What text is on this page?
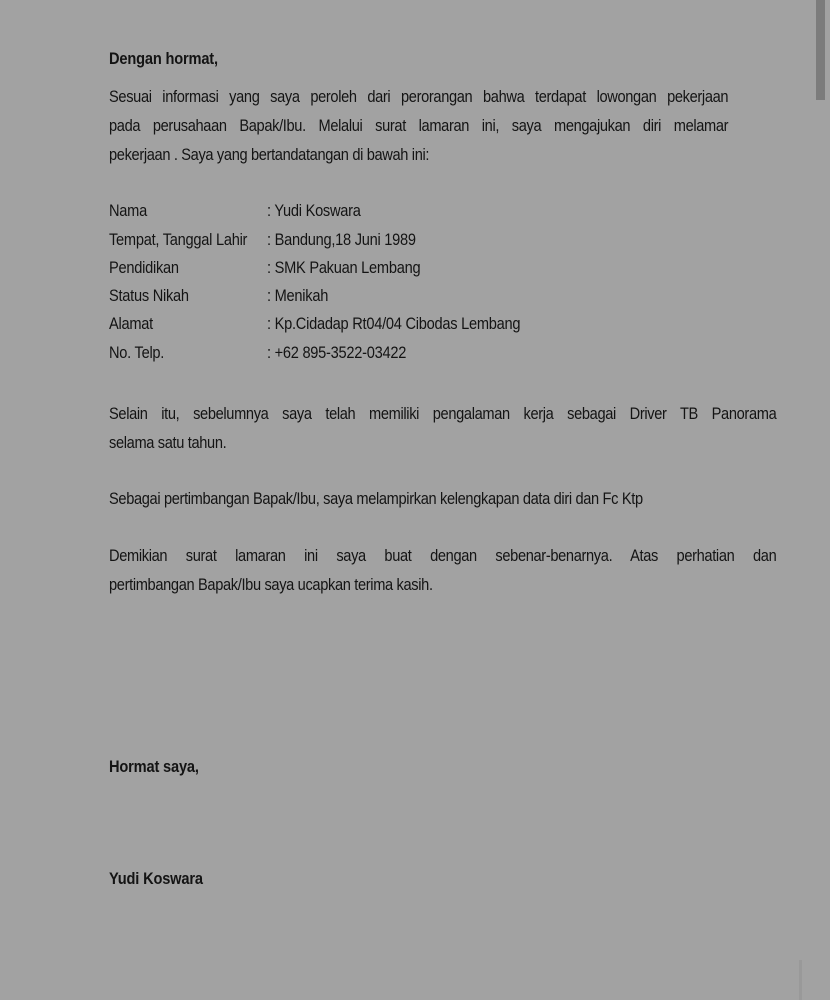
Dengan hormat,
Sesuai informasi yang saya peroleh dari perorangan bahwa terdapat lowongan pekerjaan
pada perusahaan Bapak/Ibu. Melalui surat lamaran ini, saya mengajukan diri melamar
pekerjaan . Saya yang bertandatangan di bawah ini:
Nama	: Yudi Koswara
Tempat, Tanggal Lahir : Bandung,18 Juni 1989
Pendidikan	: SMK Pakuan Lembang
Status Nikah	: Menikah
Alamat	: Kp.Cidadap Rt04/04 Cibodas Lembang
No. Telp.	: +62 895-3522-03422
Selain itu, sebelumnya saya telah memiliki pengalaman kerja sebagai Driver TB Panorama
selama satu tahun.
Sebagai pertimbangan Bapak/Ibu, saya melampirkan kelengkapan data diri dan Fc Ktp
Demikian surat lamaran ini saya buat dengan sebenar-benarnya. Atas perhatian dan
pertimbangan Bapak/Ibu saya ucapkan terima kasih.
Hormat saya,
Yudi Koswara
